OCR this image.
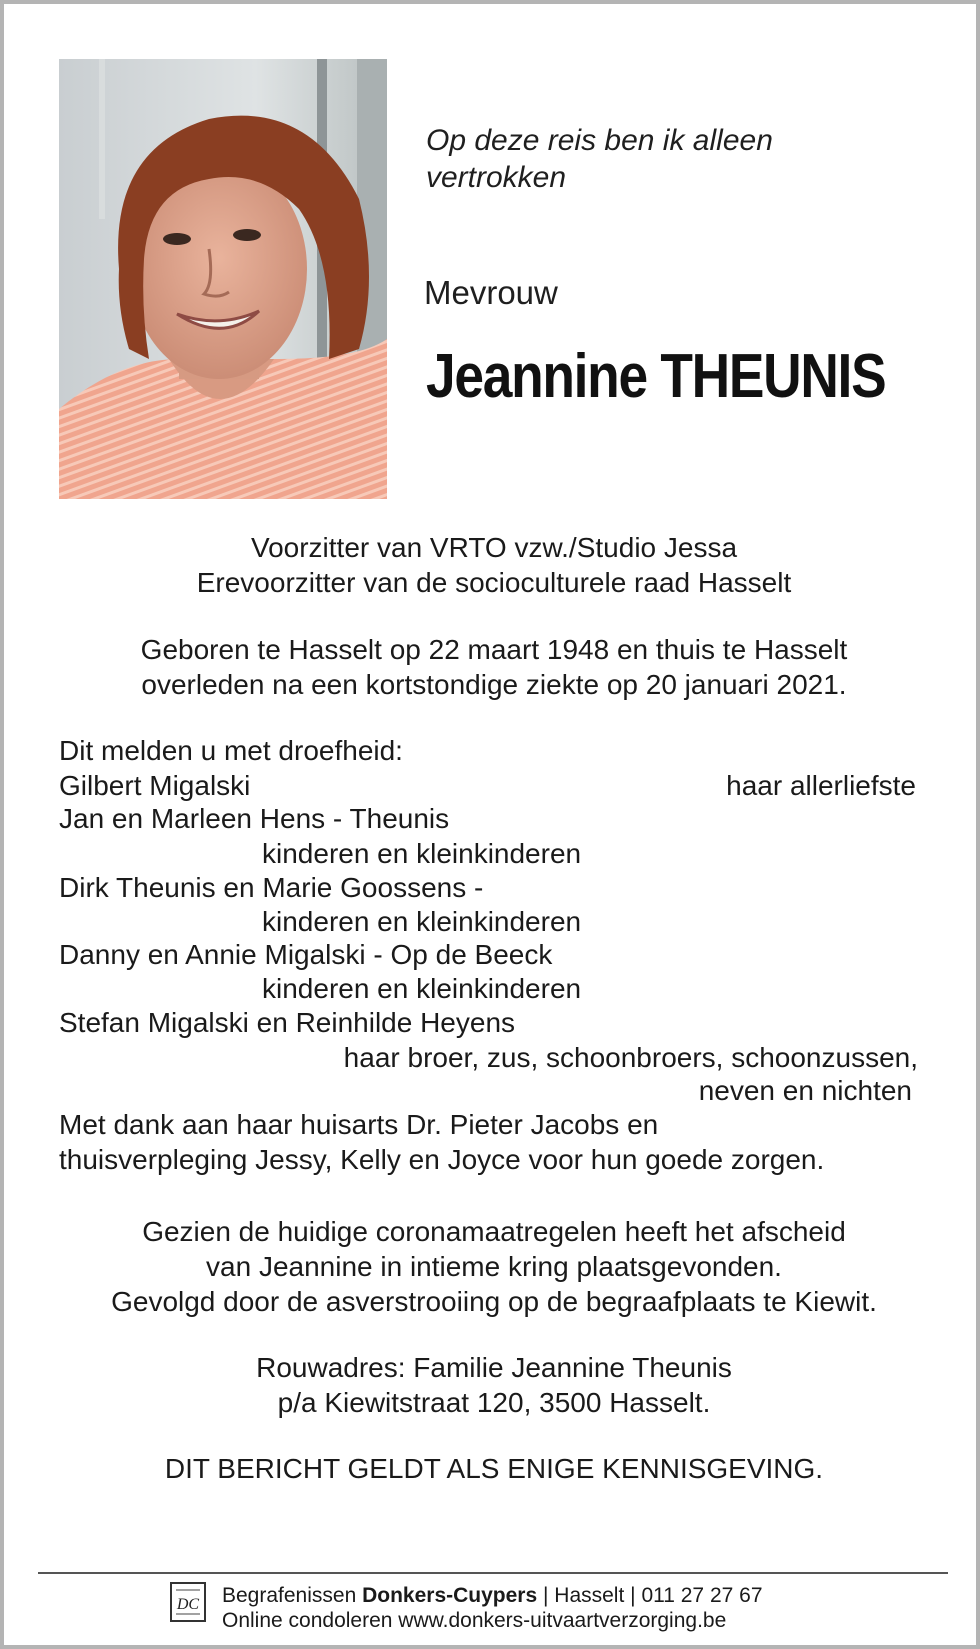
Op deze reis ben ik alleen
vertrokken
Mevrouw
Jeannine THEUNIS
Voorzitter van VRTO vzw./Studio Jessa
Erevoorzitter van de socioculturele raad Hasselt
Geboren te Hasselt op 22 maart 1948 en thuis te Hasselt
overleden na een kortstondige ziekte op 20 januari 2021.
Dit melden u met droefheid:
Gilbert Migalski	haar allerliefste
Jan en Marleen Hens - Theunis
kinderen en kleinkinderen
Dirk Theunis en Marie Goossens -
kinderen en kleinkinderen
Danny en Annie Migalski - Op de Beeck
kinderen en kleinkinderen
Stefan Migalski en Reinhilde Heyens
haar broer, zus, schoonbroers, schoonzussen,
neven en nichten
Met dank aan haar huisarts Dr. Pieter Jacobs en
thuisverpleging Jessy, Kelly en Joyce voor hun goede zorgen.
Gezien de huidige coronamaatregelen heeft het afscheid
van Jeannine in intieme kring plaatsgevonden.
Gevolgd door de asverstrooiing op de begraafplaats te Kiewit.
Rouwadres: Familie Jeannine Theunis
p/a Kiewitstraat 120, 3500 Hasselt.
DIT BERICHT GELDT ALS ENIGE KENNISGEVING.
DC Begrafenissen Donkers-Cuypers | Hasselt | 011 27 27 67
Online condoleren www.donkers-uitvaartverzorging.be
